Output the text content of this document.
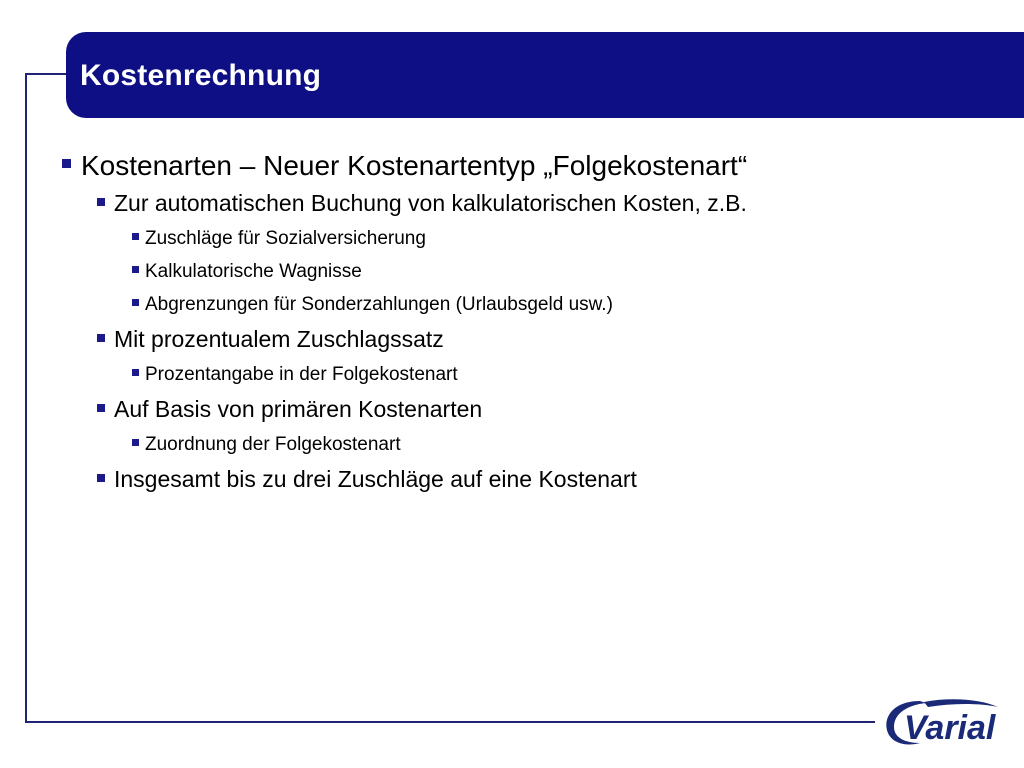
Kostenrechnung
Kostenarten – Neuer Kostenartentyp „Folgekostenart“
Zur automatischen Buchung von kalkulatorischen Kosten, z.B.
Zuschläge für Sozialversicherung
Kalkulatorische Wagnisse
Abgrenzungen für Sonderzahlungen (Urlaubsgeld usw.)
Mit prozentualem Zuschlagssatz
Prozentangabe in der Folgekostenart
Auf Basis von primären Kostenarten
Zuordnung der Folgekostenart
Insgesamt bis zu drei Zuschläge auf eine Kostenart
Varial
